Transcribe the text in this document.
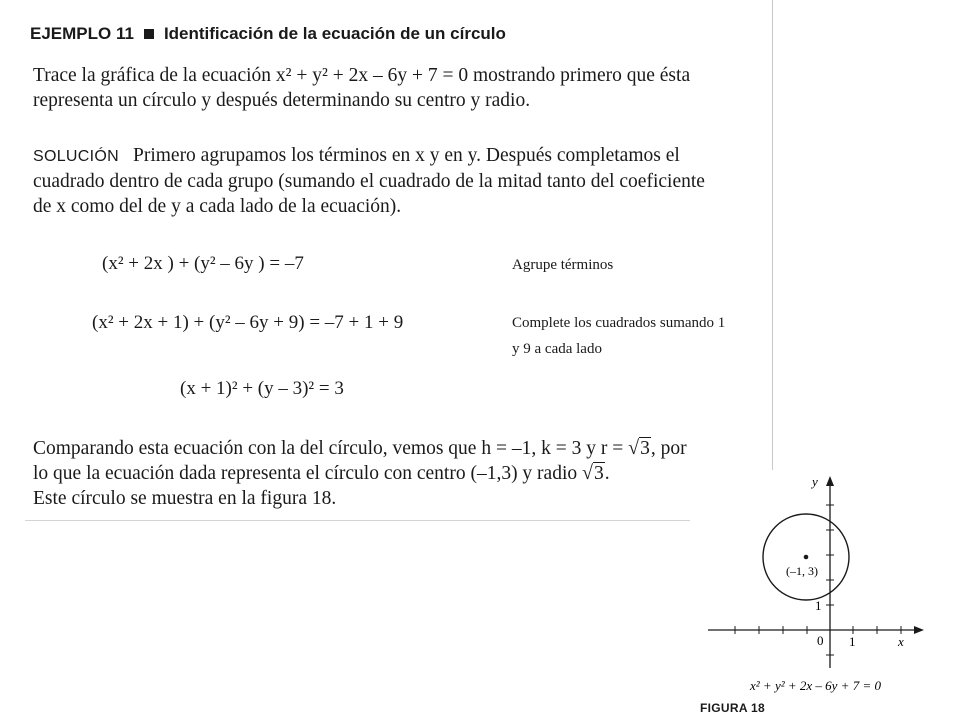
EJEMPLO 11 Identificación de la ecuación de un círculo
Trace la gráfica de la ecuación x² + y² + 2x – 6y + 7 = 0 mostrando primero que ésta
representa un círculo y después determinando su centro y radio.
SOLUCIÓN Primero agrupamos los términos en x y en y. Después completamos el
cuadrado dentro de cada grupo (sumando el cuadrado de la mitad tanto del coeficiente
de x como del de y a cada lado de la ecuación).
(x² + 2x ) + (y² – 6y ) = –7	Agrupe términos
(x² + 2x + 1) + (y² – 6y + 9) = –7 + 1 + 9	Complete los cuadrados sumando 1
y 9 a cada lado
(x + 1)² + (y – 3)² = 3
Comparando esta ecuación con la del círculo, vemos que h = –1, k = 3 y r = √3, por
lo que la ecuación dada representa el círculo con centro (–1,3) y radio √3.
Este círculo se muestra en la figura 18.
y
x
0 1
1
(–1, 3)
x² + y² + 2x – 6y + 7 = 0
FIGURA 18
